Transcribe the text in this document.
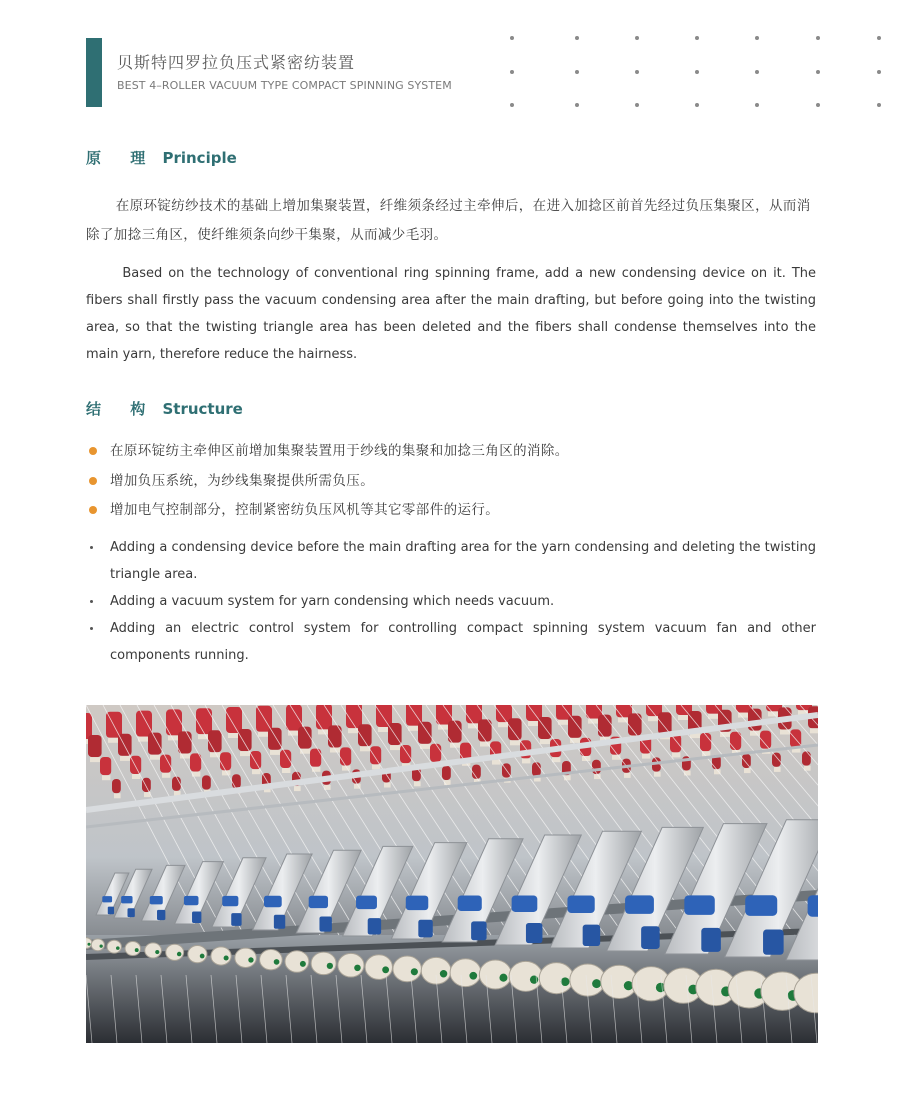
贝斯特四罗拉负压式紧密纺装置
BEST 4–ROLLER VACUUM TYPE COMPACT SPINNING SYSTEM
原 理 Principle

在原环锭纺纱技术的基础上增加集聚装置，纤维须条经过主牵伸后，在进入加捻区前首先经过负压集聚区，从而消除了加捻三角区，使纤维须条向纱干集聚，从而减少毛羽。

Based on the technology of conventional ring spinning frame, add a new condensing device on it. The fibers shall firstly pass the vacuum condensing area after the main drafting, but before going into the twisting area, so that the twisting triangle area has been deleted and the fibers shall condense themselves into the main yarn, therefore reduce the hairness.

结 构 Structure
在原环锭纺主牵伸区前增加集聚装置用于纱线的集聚和加捻三角区的消除。
增加负压系统，为纱线集聚提供所需负压。
增加电气控制部分，控制紧密纺负压风机等其它零部件的运行。
Adding a condensing device before the main drafting area for the yarn condensing and deleting the twisting triangle area.
Adding a vacuum system for yarn condensing which needs vacuum.
Adding an electric control system for controlling compact spinning system vacuum fan and other components running.
